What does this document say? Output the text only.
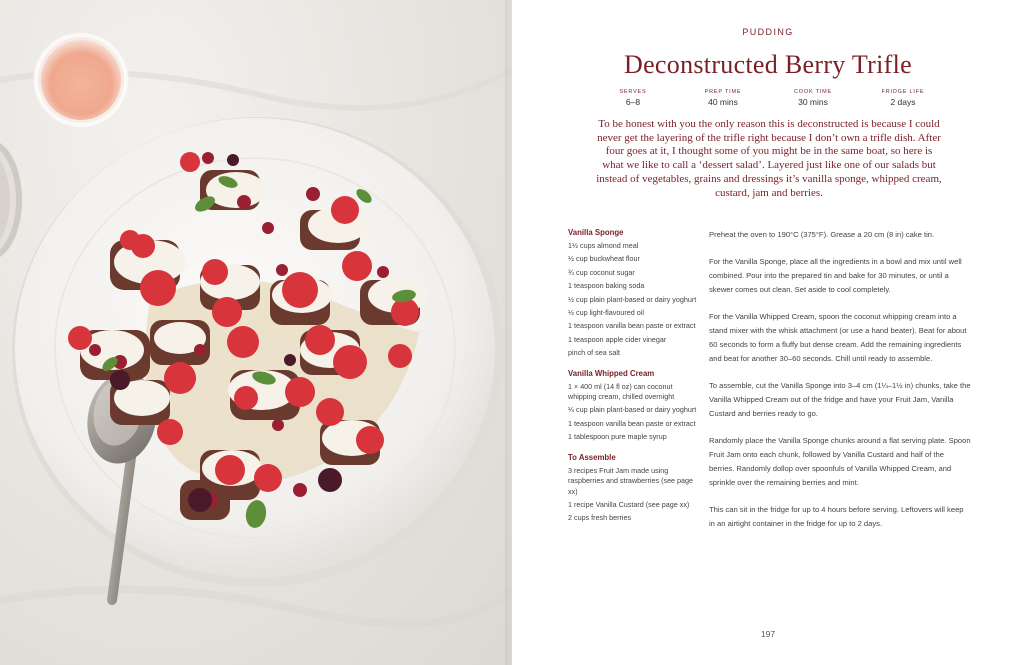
PUDDING
Deconstructed Berry Trifle
SERVES
6–8
PREP TIME
40 mins
COOK TIME
30 mins
FRIDGE LIFE
2 days
To be honest with you the only reason this is deconstructed is because I could never get the layering of the trifle right because I don’t own a trifle dish. After four goes at it, I thought some of you might be in the same boat, so here is what we like to call a ‘dessert salad’. Layered just like one of our salads but instead of vegetables, grains and dressings it’s vanilla sponge, whipped cream, custard, jam and berries.
Vanilla Sponge
1½ cups almond meal
½ cup buckwheat flour
¾ cup coconut sugar
1 teaspoon baking soda
½ cup plain plant-based or dairy yoghurt
½ cup light-flavoured oil
1 teaspoon vanilla bean paste or extract
1 teaspoon apple cider vinegar
pinch of sea salt
Vanilla Whipped Cream
1 × 400 ml (14 fl oz) can coconut whipping cream, chilled overnight
¼ cup plain plant-based or dairy yoghurt
1 teaspoon vanilla bean paste or extract
1 tablespoon pure maple syrup
To Assemble
3 recipes Fruit Jam made using raspberries and strawberries (see page xx)
1 recipe Vanilla Custard (see page xx)
2 cups fresh berries

Preheat the oven to 190°C (375°F). Grease a 20 cm (8 in) cake tin.

For the Vanilla Sponge, place all the ingredients in a bowl and mix until well combined. Pour into the prepared tin and bake for 30 minutes, or until a skewer comes out clean. Set aside to cool completely.

For the Vanilla Whipped Cream, spoon the coconut whipping cream into a stand mixer with the whisk attachment (or use a hand beater). Beat for about 60 seconds to form a fluffy but dense cream. Add the remaining ingredients and beat for another 30–60 seconds. Chill until ready to assemble.

To assemble, cut the Vanilla Sponge into 3–4 cm (1¼–1½ in) chunks, take the Vanilla Whipped Cream out of the fridge and have your Fruit Jam, Vanilla Custard and berries ready to go.

Randomly place the Vanilla Sponge chunks around a flat serving plate. Spoon Fruit Jam onto each chunk, followed by Vanilla Custard and half of the berries. Randomly dollop over spoonfuls of Vanilla Whipped Cream, and sprinkle over the remaining berries and mint.

This can sit in the fridge for up to 4 hours before serving. Leftovers will keep in an airtight container in the fridge for up to 2 days.

197
